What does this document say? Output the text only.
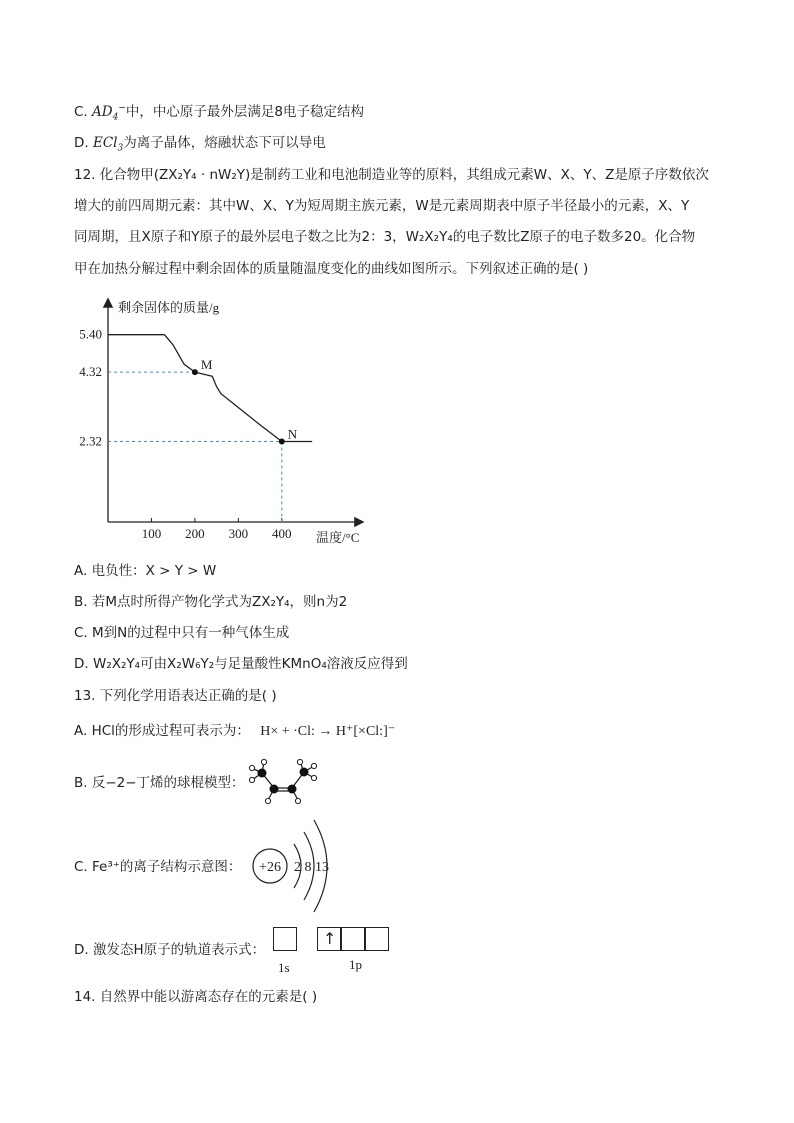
C. $AD_4^-$中，中心原子最外层满足8电子稳定结构
D. ECl$_3$为离子晶体，熔融状态下可以导电
12. 化合物甲(ZX₂Y₄ · nW₂Y)是制药工业和电池制造业等的原料，其组成元素W、X、Y、Z是原子序数依次
增大的前四周期元素：其中W、X、Y为短周期主族元素，W是元素周期表中原子半径最小的元素，X、Y
同周期，且X原子和Y原子的最外层电子数之比为2：3，W₂X₂Y₄的电子数比Z原子的电子数多20。化合物
甲在加热分解过程中剩余固体的质量随温度变化的曲线如图所示。下列叙述正确的是( )
剩余固体的质量/g
温度/°C
100 200 300 400
5.40
4.32
2.32
M
N
A. 电负性：X > Y > W
B. 若M点时所得产物化学式为ZX₂Y₄，则n为2
C. M到N的过程中只有一种气体生成
D. W₂X₂Y₄可由X₂W₆Y₂与足量酸性KMnO₄溶液反应得到
13. 下列化学用语表达正确的是( )
A. HCl的形成过程可表示为： H× + ·Cl: → H⁺[×Cl:]⁻
B. 反−2−丁烯的球棍模型：
C. Fe³⁺的离子结构示意图： +26 2 8 13
D. 激发态H原子的轨道表示式：
↑
1s	1p
14. 自然界中能以游离态存在的元素是( )
